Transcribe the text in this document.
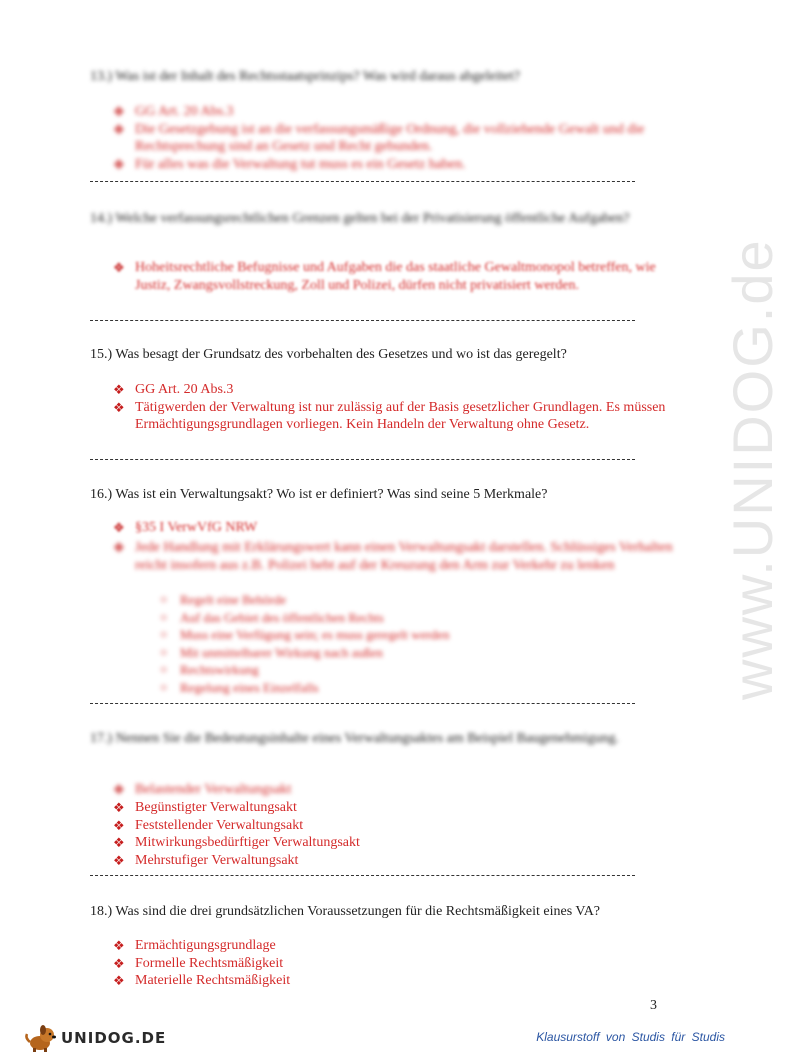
www.UNIDOG.de
13.) Was ist der Inhalt des Rechtsstaatsprinzips? Was wird daraus abgeleitet?
❖ GG Art. 20 Abs.3
❖ Die Gesetzgebung ist an die verfassungsmäßige Ordnung, die vollziehende Gewalt und die Rechtsprechung sind an Gesetz und Recht gebunden.
❖ Für alles was die Verwaltung tut muss es ein Gesetz haben.
14.) Welche verfassungsrechtlichen Grenzen gelten bei der Privatisierung öffentliche Aufgaben?
❖ Hoheitsrechtliche Befugnisse und Aufgaben die das staatliche Gewaltmonopol betreffen, wie Justiz, Zwangsvollstreckung, Zoll und Polizei, dürfen nicht privatisiert werden.
15.) Was besagt der Grundsatz des vorbehalten des Gesetzes und wo ist das geregelt?
❖ GG Art. 20 Abs.3
❖ Tätigwerden der Verwaltung ist nur zulässig auf der Basis gesetzlicher Grundlagen. Es müssen Ermächtigungsgrundlagen vorliegen. Kein Handeln der Verwaltung ohne Gesetz.
16.) Was ist ein Verwaltungsakt? Wo ist er definiert? Was sind seine 5 Merkmale?
❖ §35 I VerwVfG NRW
❖ Jede Handlung mit Erklärungswert kann einen Verwaltungsakt darstellen. Schlüssiges Verhalten reicht insofern aus z.B. Polizei hebt auf der Kreuzung den Arm zur Verkehr zu lenken
○ Regelt eine Behörde
○ Auf das Gebiet des öffentlichen Rechts
○ Muss eine Verfügung sein; es muss geregelt werden
○ Mit unmittelbarer Wirkung nach außen
○ Rechtswirkung
○ Regelung eines Einzelfalls
17.) Nennen Sie die Bedeutungsinhalte eines Verwaltungsaktes am Beispiel Baugenehmigung.
❖ Belastender Verwaltungsakt
❖ Begünstigter Verwaltungsakt
❖ Feststellender Verwaltungsakt
❖ Mitwirkungsbedürftiger Verwaltungsakt
❖ Mehrstufiger Verwaltungsakt
18.) Was sind die drei grundsätzlichen Voraussetzungen für die Rechtsmäßigkeit eines VA?
❖ Ermächtigungsgrundlage
❖ Formelle Rechtsmäßigkeit
❖ Materielle Rechtsmäßigkeit
3
UNIDOG.DE	Klausurstoff von Studis für Studis
